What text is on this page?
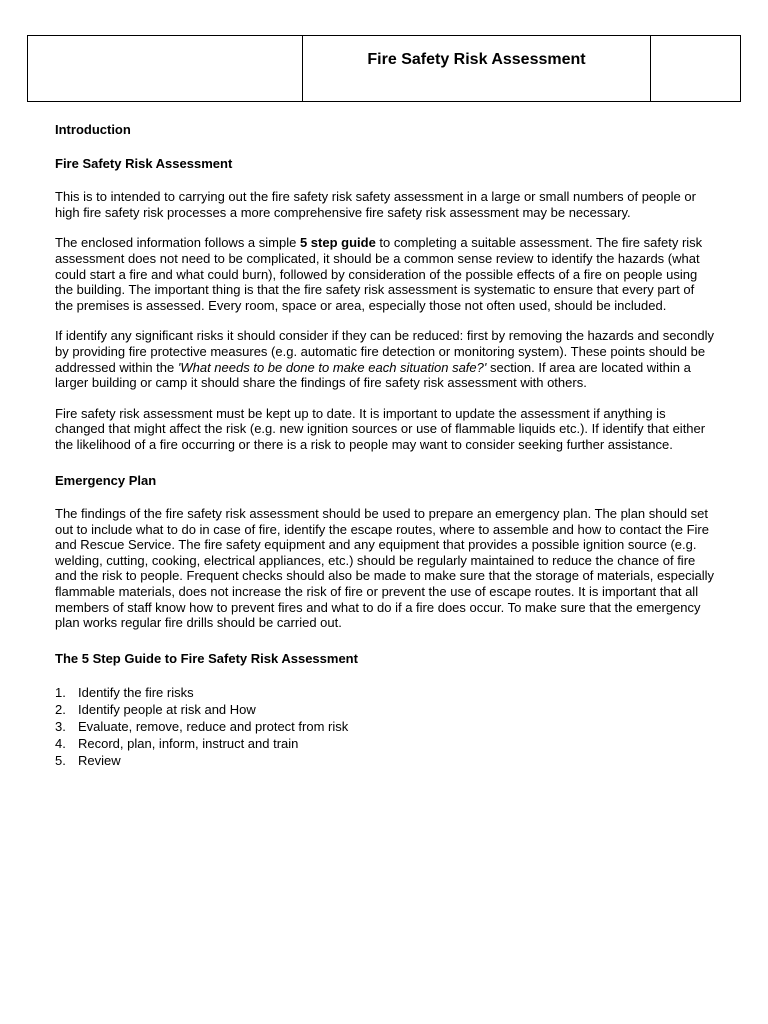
Fire Safety Risk Assessment
Introduction
Fire Safety Risk Assessment

This is to intended to carrying out the fire safety risk safety assessment in a large or small numbers of people or high fire safety risk processes a more comprehensive fire safety risk assessment may be necessary.

The enclosed information follows a simple 5 step guide to completing a suitable assessment. The fire safety risk assessment does not need to be complicated, it should be a common sense review to identify the hazards (what could start a fire and what could burn), followed by consideration of the possible effects of a fire on people using the building. The important thing is that the fire safety risk assessment is systematic to ensure that every part of the premises is assessed. Every room, space or area, especially those not often used, should be included.

If identify any significant risks it should consider if they can be reduced: first by removing the hazards and secondly by providing fire protective measures (e.g. automatic fire detection or monitoring system). These points should be addressed within the 'What needs to be done to make each situation safe?' section. If area are located within a larger building or camp it should share the findings of fire safety risk assessment with others.

Fire safety risk assessment must be kept up to date. It is important to update the assessment if anything is changed that might affect the risk (e.g. new ignition sources or use of flammable liquids etc.). If identify that either the likelihood of a fire occurring or there is a risk to people may want to consider seeking further assistance.

Emergency Plan

The findings of the fire safety risk assessment should be used to prepare an emergency plan. The plan should set out to include what to do in case of fire, identify the escape routes, where to assemble and how to contact the Fire and Rescue Service. The fire safety equipment and any equipment that provides a possible ignition source (e.g. welding, cutting, cooking, electrical appliances, etc.) should be regularly maintained to reduce the chance of fire and the risk to people. Frequent checks should also be made to make sure that the storage of materials, especially flammable materials, does not increase the risk of fire or prevent the use of escape routes. It is important that all members of staff know how to prevent fires and what to do if a fire does occur. To make sure that the emergency plan works regular fire drills should be carried out.

The 5 Step Guide to Fire Safety Risk Assessment
1. Identify the fire risks
2. Identify people at risk and How
3. Evaluate, remove, reduce and protect from risk
4. Record, plan, inform, instruct and train
5. Review
